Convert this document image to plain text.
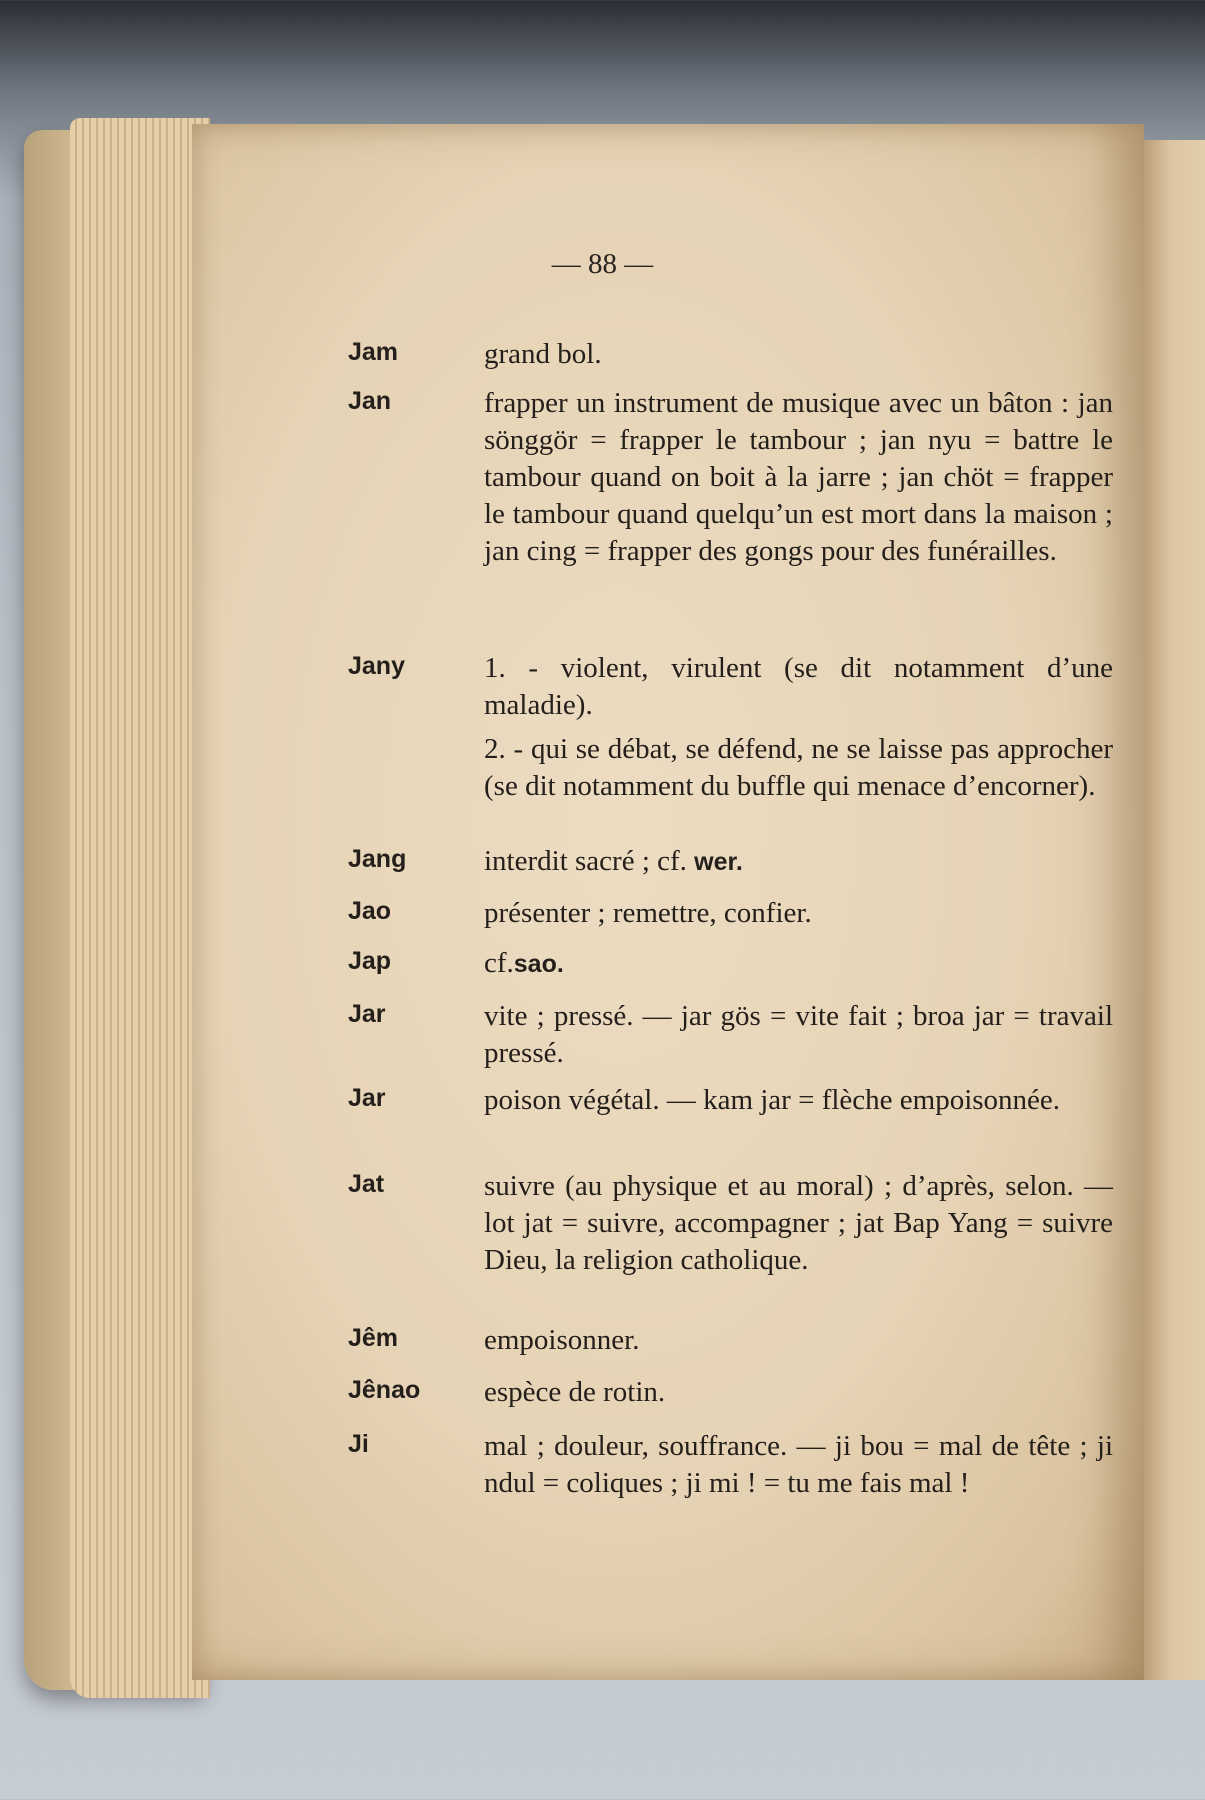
— 88 —
Jam	grand bol.
Jan	frapper un instrument de musique avec un bâton : jan sönggör = frapper le tambour ; jan nyu = battre le tambour quand on boit à la jarre ; jan chöt = frapper le tambour quand quelqu’un est mort dans la maison ; jan cing = frapper des gongs pour des funérailles.
Jany	1. - violent, virulent (se dit notamment d’une maladie).
2. - qui se débat, se défend, ne se laisse pas approcher (se dit notamment du buffle qui menace d’encorner).
Jang	interdit sacré ; cf. wer.
Jao	présenter ; remettre, confier.
Jap	cf.sao.
Jar	vite ; pressé. — jar gös = vite fait ; broa jar = travail pressé.
Jar	poison végétal. — kam jar = flèche empoisonnée.
Jat	suivre (au physique et au moral) ; d’après, selon. — lot jat = suivre, accompagner ; jat Bap Yang = suivre Dieu, la religion catholique.
Jêm	empoisonner.
Jênao espèce de rotin.
Ji	mal ; douleur, souffrance. — ji bou = mal de tête ; ji ndul = coliques ; ji mi ! = tu me fais mal !
